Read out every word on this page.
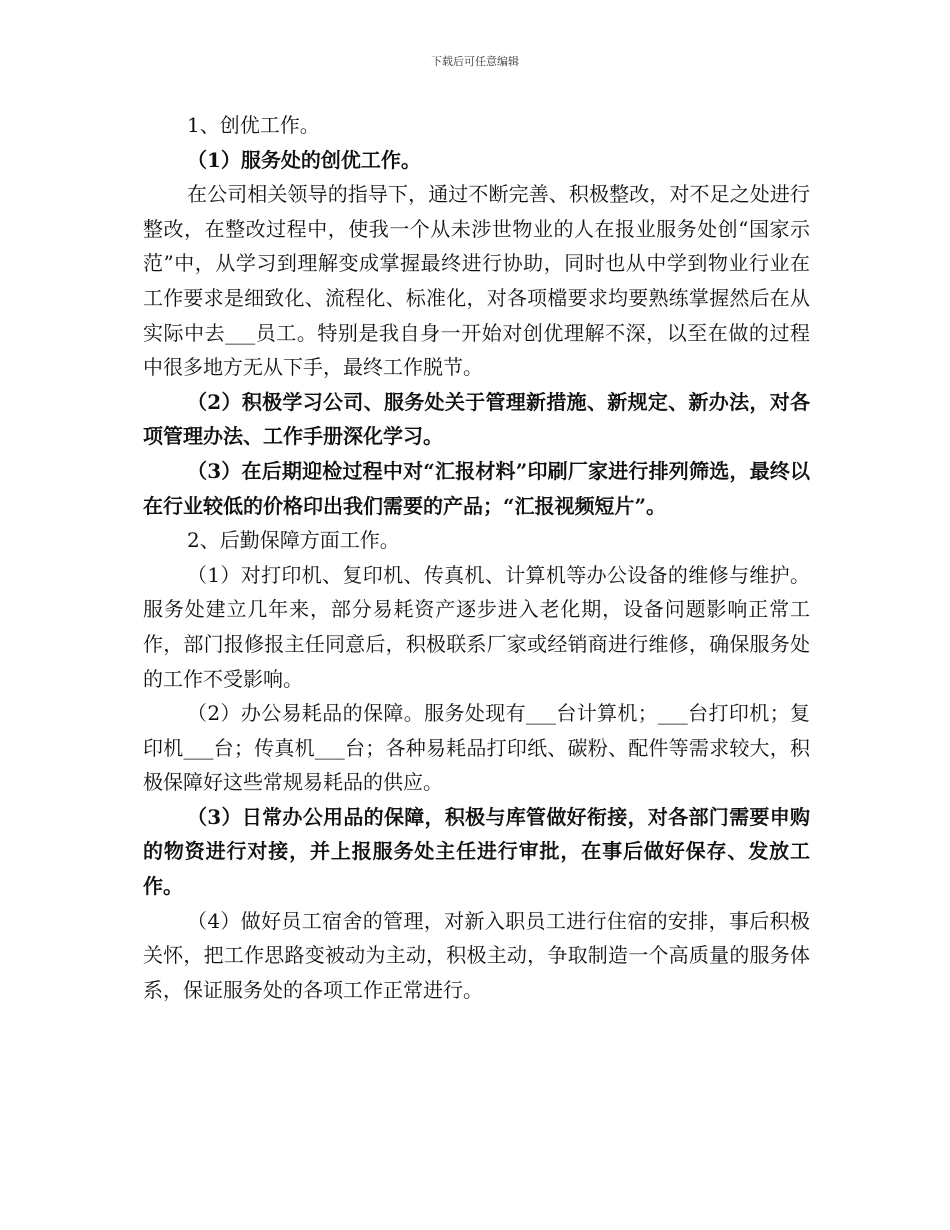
下载后可任意编辑

1、创优工作。

（1）服务处的创优工作。

在公司相关领导的指导下，通过不断完善、积极整改，对不足之处进行整改，在整改过程中，使我一个从未涉世物业的人在报业服务处创“国家示范”中，从学习到理解变成掌握最终进行协助，同时也从中学到物业行业在工作要求是细致化、流程化、标准化，对各项檔要求均要熟练掌握然后在从实际中去___员工。特别是我自身一开始对创优理解不深，以至在做的过程中很多地方无从下手，最终工作脱节。

（2）积极学习公司、服务处关于管理新措施、新规定、新办法，对各项管理办法、工作手册深化学习。

（3）在后期迎检过程中对“汇报材料”印刷厂家进行排列筛选，最终以在行业较低的价格印出我们需要的产品；“汇报视频短片”。

2、后勤保障方面工作。

（1）对打印机、复印机、传真机、计算机等办公设备的维修与维护。服务处建立几年来，部分易耗资产逐步进入老化期，设备问题影响正常工作，部门报修报主任同意后，积极联系厂家或经销商进行维修，确保服务处的工作不受影响。

（2）办公易耗品的保障。服务处现有___台计算机；___台打印机；复印机___台；传真机___台；各种易耗品打印纸、碳粉、配件等需求较大，积极保障好这些常规易耗品的供应。

（3）日常办公用品的保障，积极与库管做好衔接，对各部门需要申购的物资进行对接，并上报服务处主任进行审批，在事后做好保存、发放工作。

（4）做好员工宿舍的管理，对新入职员工进行住宿的安排，事后积极关怀，把工作思路变被动为主动，积极主动，争取制造一个高质量的服务体系，保证服务处的各项工作正常进行。
